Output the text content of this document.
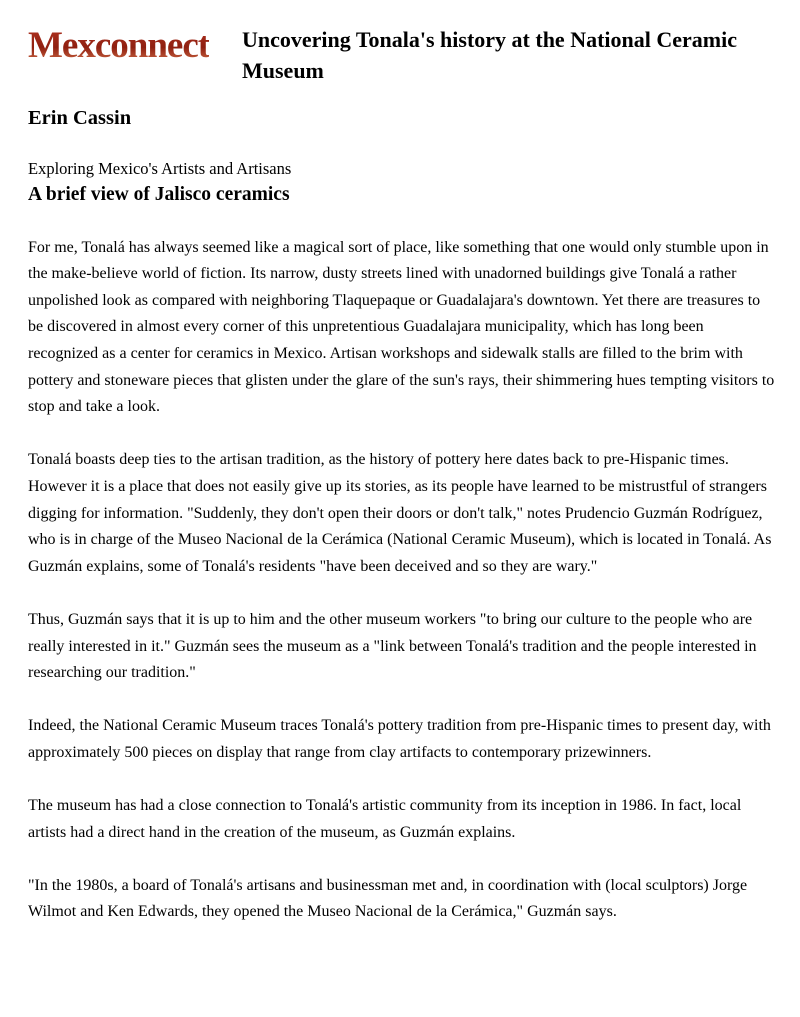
Mexconnect	Uncovering Tonala's history at the National Ceramic Museum
Erin Cassin
Exploring Mexico's Artists and Artisans
A brief view of Jalisco ceramics

For me, Tonalá has always seemed like a magical sort of place, like something that one would only stumble upon in the make-believe world of fiction. Its narrow, dusty streets lined with unadorned buildings give Tonalá a rather unpolished look as compared with neighboring Tlaquepaque or Guadalajara's downtown. Yet there are treasures to be discovered in almost every corner of this unpretentious Guadalajara municipality, which has long been recognized as a center for ceramics in Mexico. Artisan workshops and sidewalk stalls are filled to the brim with pottery and stoneware pieces that glisten under the glare of the sun's rays, their shimmering hues tempting visitors to stop and take a look.

Tonalá boasts deep ties to the artisan tradition, as the history of pottery here dates back to pre-Hispanic times. However it is a place that does not easily give up its stories, as its people have learned to be mistrustful of strangers digging for information. "Suddenly, they don't open their doors or don't talk," notes Prudencio Guzmán Rodríguez, who is in charge of the Museo Nacional de la Cerámica (National Ceramic Museum), which is located in Tonalá. As Guzmán explains, some of Tonalá's residents "have been deceived and so they are wary."

Thus, Guzmán says that it is up to him and the other museum workers "to bring our culture to the people who are really interested in it." Guzmán sees the museum as a "link between Tonalá's tradition and the people interested in researching our tradition."

Indeed, the National Ceramic Museum traces Tonalá's pottery tradition from pre-Hispanic times to present day, with approximately 500 pieces on display that range from clay artifacts to contemporary prizewinners.

The museum has had a close connection to Tonalá's artistic community from its inception in 1986. In fact, local artists had a direct hand in the creation of the museum, as Guzmán explains.

"In the 1980s, a board of Tonalá's artisans and businessman met and, in coordination with (local sculptors) Jorge Wilmot and Ken Edwards, they opened the Museo Nacional de la Cerámica," Guzmán says.
